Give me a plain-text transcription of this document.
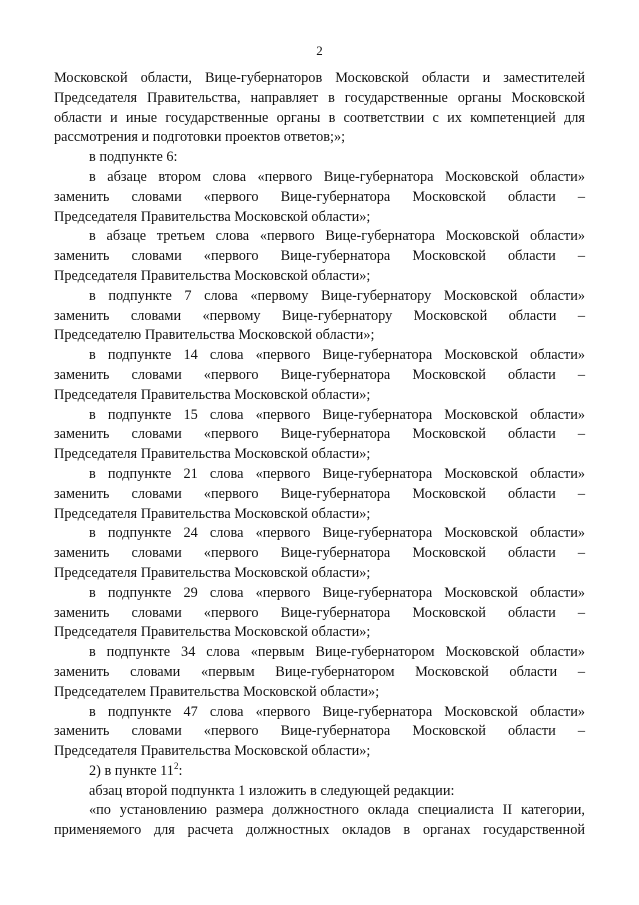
2
Московской области, Вице-губернаторов Московской области и заместителей
Председателя Правительства, направляет в государственные органы Московской
области и иные государственные органы в соответствии с их компетенцией для
рассмотрения и подготовки проектов ответов;»;
в подпункте 6:
в абзаце втором слова «первого Вице-губернатора Московской области»
заменить словами «первого Вице-губернатора Московской области –
Председателя Правительства Московской области»;
в абзаце третьем слова «первого Вице-губернатора Московской области»
заменить словами «первого Вице-губернатора Московской области –
Председателя Правительства Московской области»;
в подпункте 7 слова «первому Вице-губернатору Московской области»
заменить словами «первому Вице-губернатору Московской области –
Председателю Правительства Московской области»;
в подпункте 14 слова «первого Вице-губернатора Московской области»
заменить словами «первого Вице-губернатора Московской области –
Председателя Правительства Московской области»;
в подпункте 15 слова «первого Вице-губернатора Московской области»
заменить словами «первого Вице-губернатора Московской области –
Председателя Правительства Московской области»;
в подпункте 21 слова «первого Вице-губернатора Московской области»
заменить словами «первого Вице-губернатора Московской области –
Председателя Правительства Московской области»;
в подпункте 24 слова «первого Вице-губернатора Московской области»
заменить словами «первого Вице-губернатора Московской области –
Председателя Правительства Московской области»;
в подпункте 29 слова «первого Вице-губернатора Московской области»
заменить словами «первого Вице-губернатора Московской области –
Председателя Правительства Московской области»;
в подпункте 34 слова «первым Вице-губернатором Московской области»
заменить словами «первым Вице-губернатором Московской области –
Председателем Правительства Московской области»;
в подпункте 47 слова «первого Вице-губернатора Московской области»
заменить словами «первого Вице-губернатора Московской области –
Председателя Правительства Московской области»;
2) в пункте $11^2$:
абзац второй подпункта 1 изложить в следующей редакции:
«по установлению размера должностного оклада специалиста II категории,
применяемого для расчета должностных окладов в органах государственной
